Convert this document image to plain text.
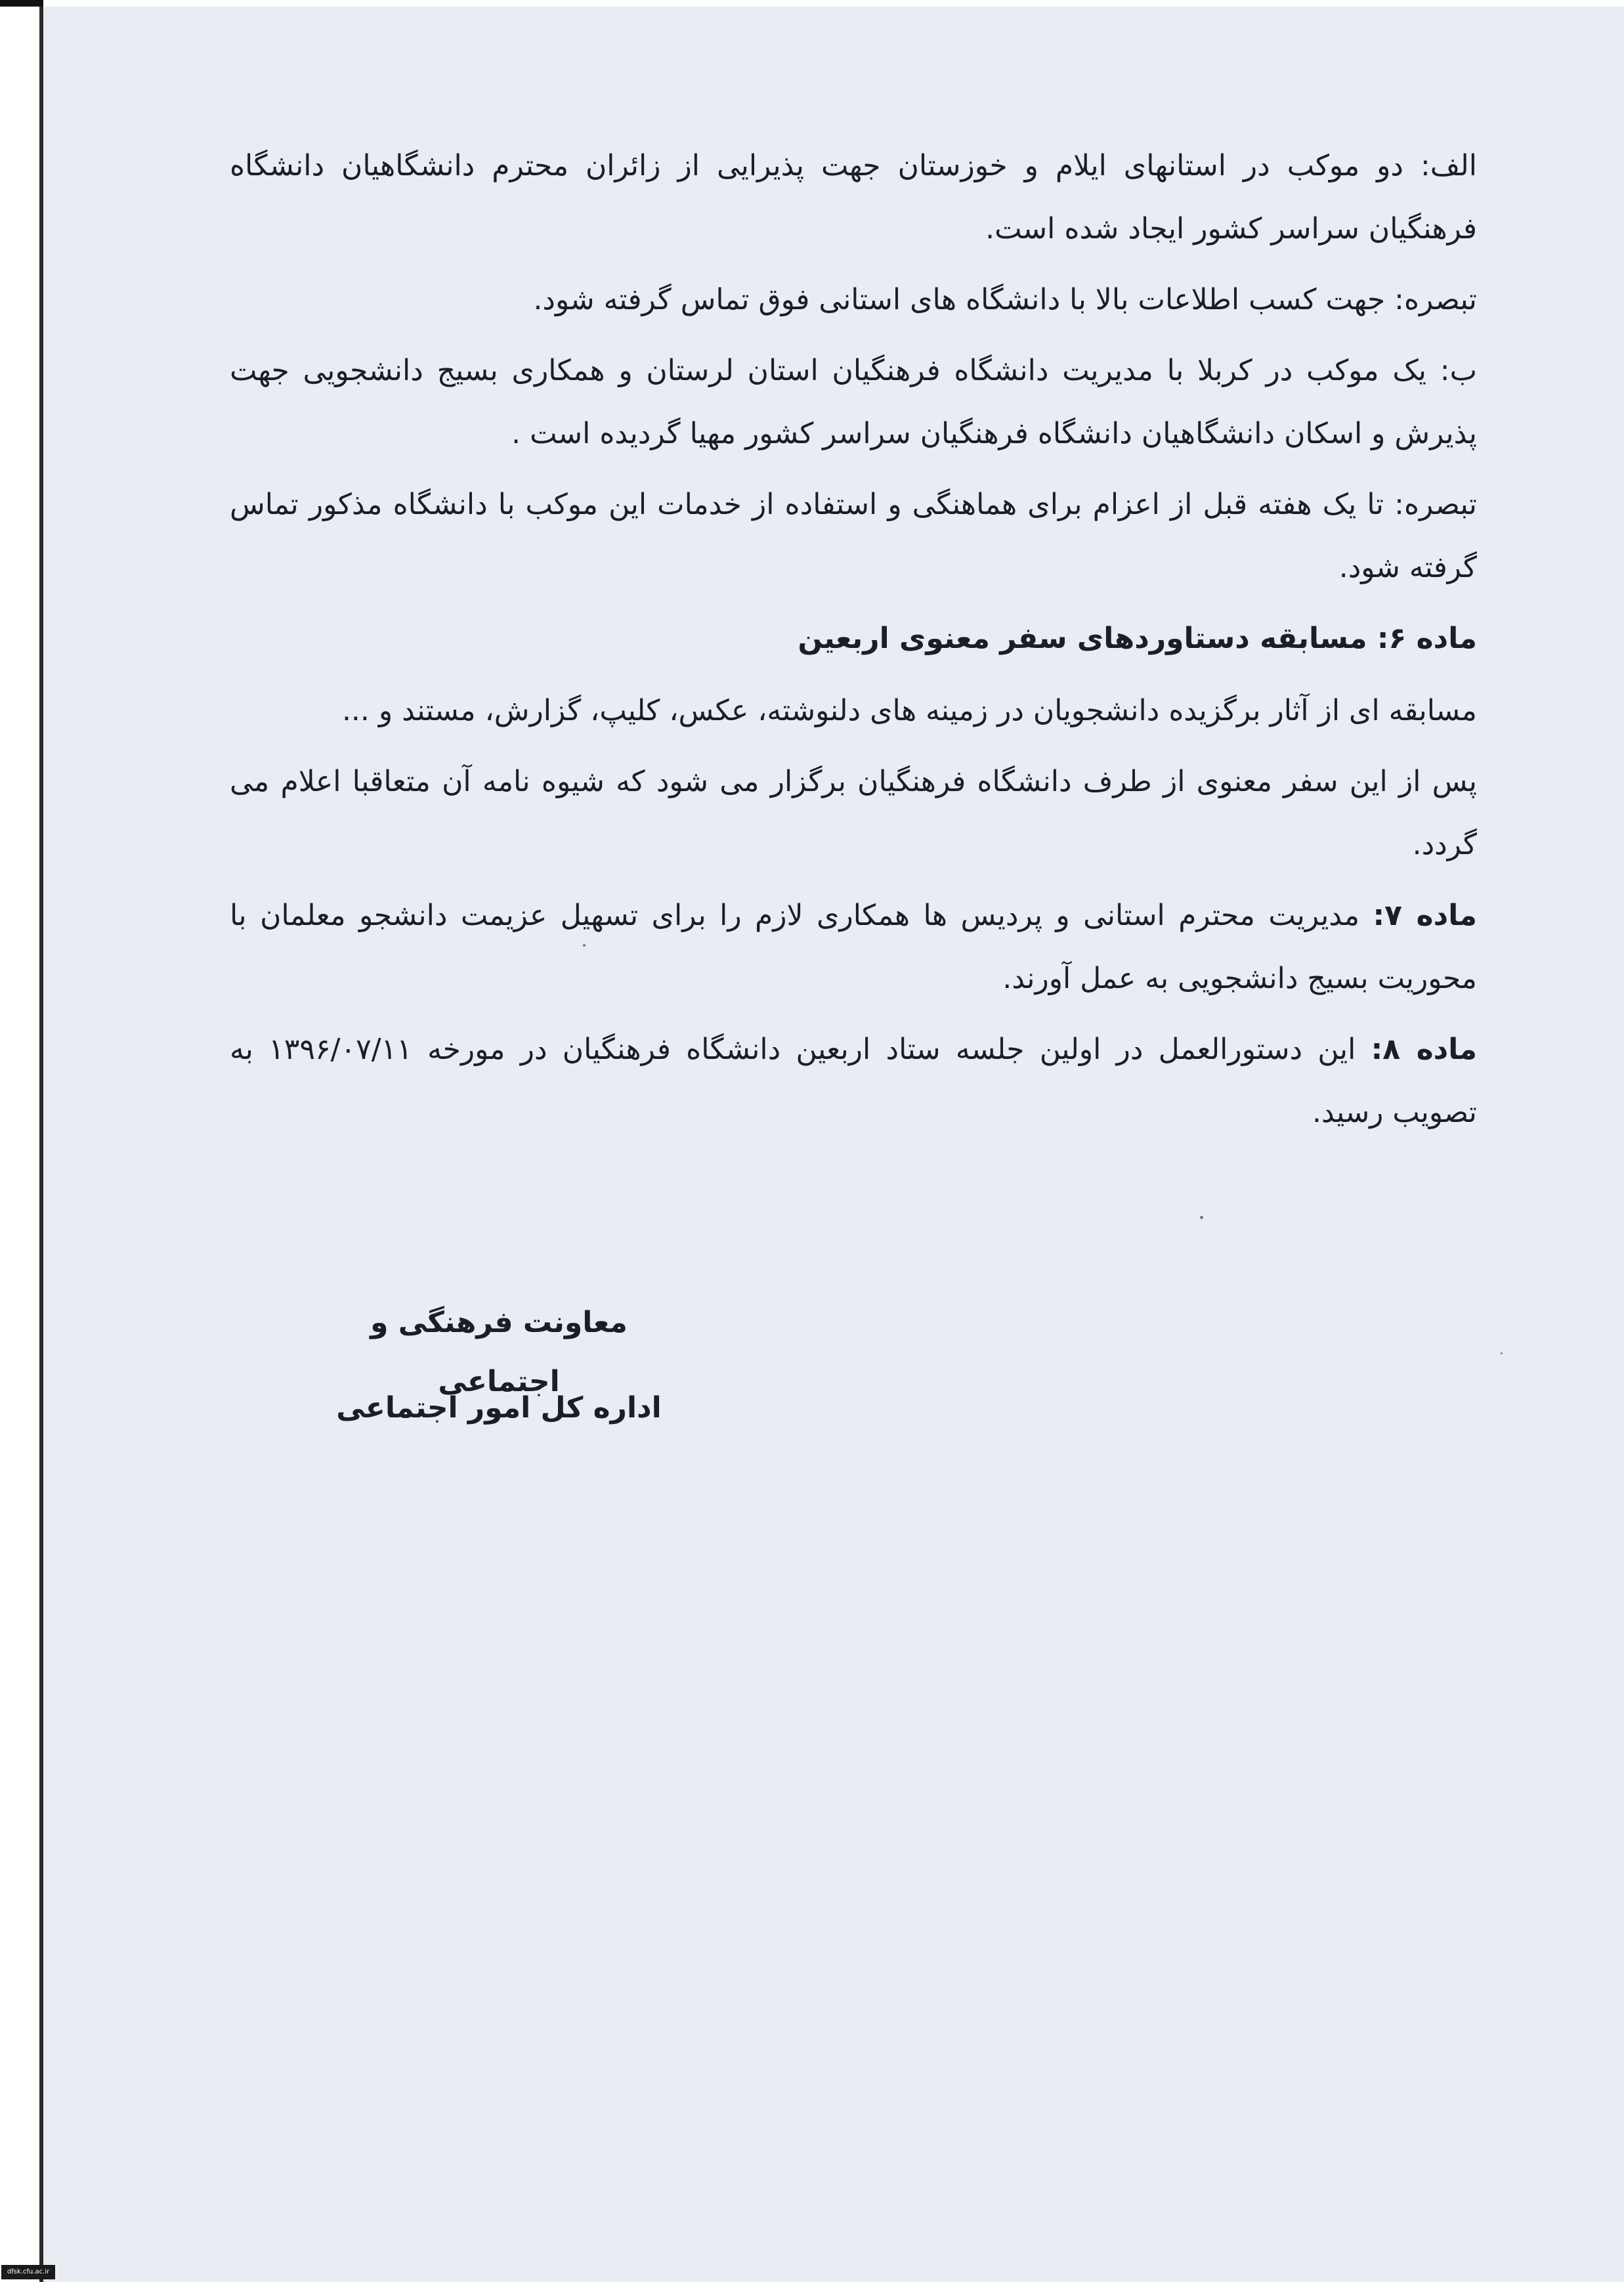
الف: دو موکب در استانهای ایلام و خوزستان جهت پذیرایی از زائران محترم دانشگاهیان دانشگاه فرهنگیان سراسر کشور ایجاد شده است.

تبصره: جهت کسب اطلاعات بالا با دانشگاه های استانی فوق تماس گرفته شود.

ب: یک موکب در کربلا با مدیریت دانشگاه فرهنگیان استان لرستان و همکاری بسیج دانشجویی جهت پذیرش و اسکان دانشگاهیان دانشگاه فرهنگیان سراسر کشور مهیا گردیده است .

تبصره: تا یک هفته قبل از اعزام برای هماهنگی و استفاده از خدمات این موکب با دانشگاه مذکور تماس گرفته شود.

ماده ۶: مسابقه دستاوردهای سفر معنوی اربعین

مسابقه ای از آثار برگزیده دانشجویان در زمینه های دلنوشته، عکس، کلیپ، گزارش، مستند و ...

پس از این سفر معنوی از طرف دانشگاه فرهنگیان برگزار می شود که شیوه نامه آن متعاقبا اعلام می گردد.

ماده ۷: مدیریت محترم استانی و پردیس ها همکاری لازم را برای تسهیل عزیمت دانشجو معلمان با محوریت بسیج دانشجویی به عمل آورند.

ماده ۸: این دستورالعمل در اولین جلسه ستاد اربعین دانشگاه فرهنگیان در مورخه ۱۳۹۶/۰۷/۱۱ به تصویب رسید.

معاونت فرهنگی و اجتماعی
اداره کل امور اجتماعی
dfsk.cfu.ac.ir
